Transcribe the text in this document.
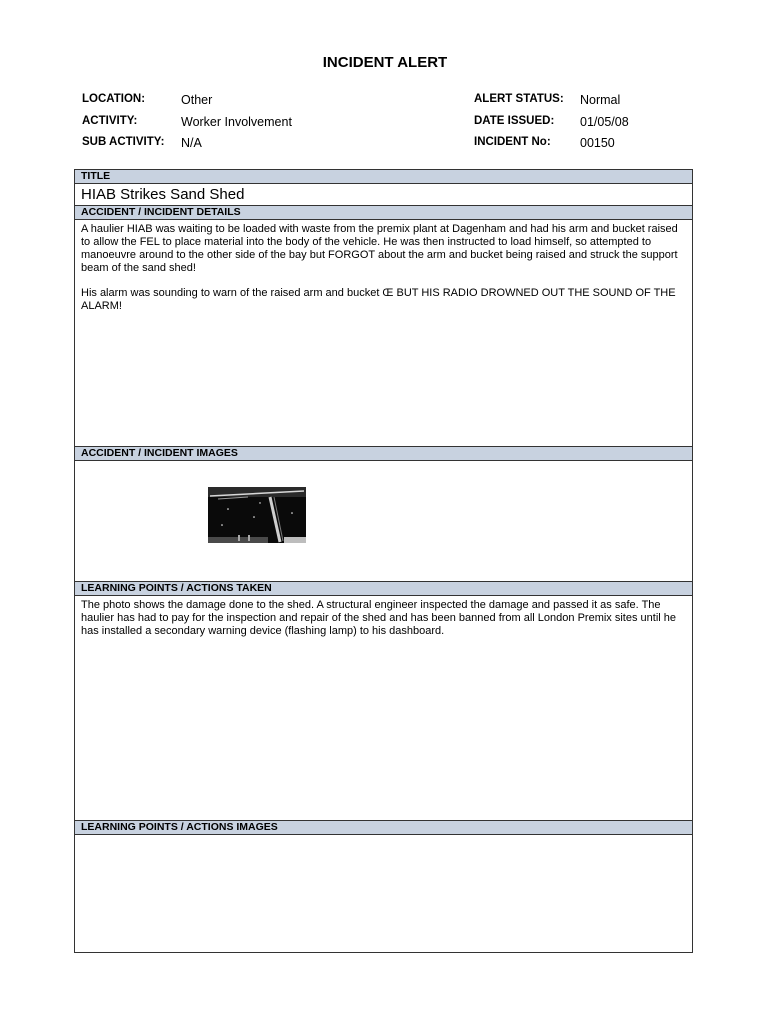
INCIDENT ALERT
LOCATION:	Other
ACTIVITY:	Worker Involvement
SUB ACTIVITY: N/A
ALERT STATUS: Normal
DATE ISSUED: 01/05/08
INCIDENT No: 00150
TITLE
HIAB Strikes Sand Shed
ACCIDENT / INCIDENT DETAILS

A haulier HIAB was waiting to be loaded with waste from the premix plant at Dagenham and had his arm and bucket raised to allow the FEL to place material into the body of the vehicle. He was then instructed to load himself, so attempted to manoeuvre around to the other side of the bay but FORGOT about the arm and bucket being raised and struck the support beam of the sand shed!

His alarm was sounding to warn of the raised arm and bucket Œ BUT HIS RADIO DROWNED OUT THE SOUND OF THE ALARM!

ACCIDENT / INCIDENT IMAGES
LEARNING POINTS / ACTIONS TAKEN

The photo shows the damage done to the shed. A structural engineer inspected the damage and passed it as safe. The haulier has had to pay for the inspection and repair of the shed and has been banned from all London Premix sites until he has installed a secondary warning device (flashing lamp) to his dashboard.

LEARNING POINTS / ACTIONS IMAGES
